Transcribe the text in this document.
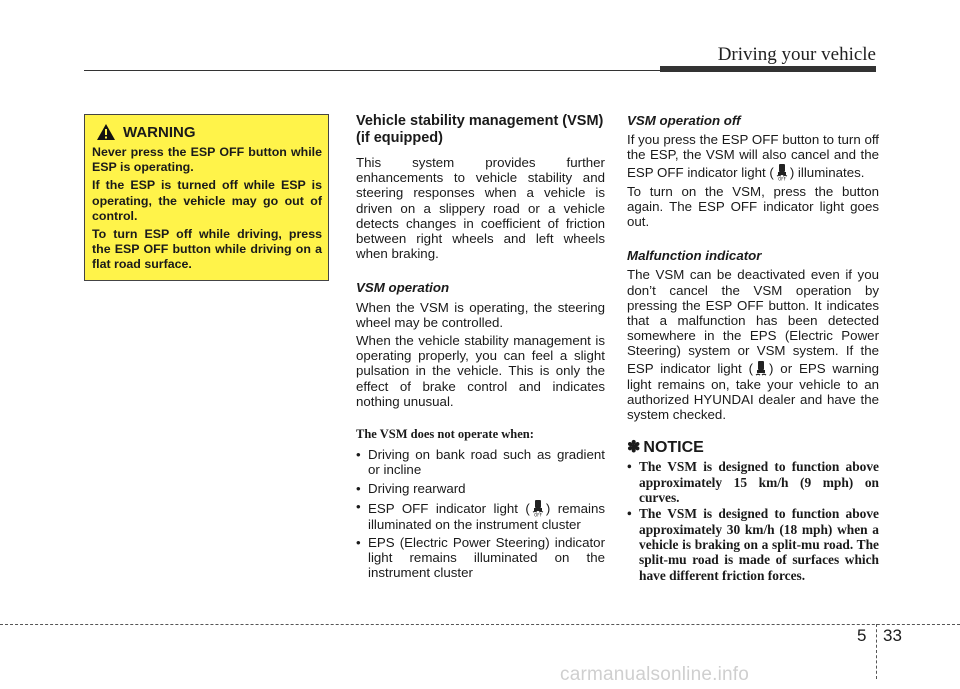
Driving your vehicle
WARNING

Never press the ESP OFF button while ESP is operating.

If the ESP is turned off while ESP is operating, the vehicle may go out of control.

To turn ESP off while driving, press the ESP OFF button while driving on a flat road surface.

Vehicle stability management (VSM) (if equipped)

This system provides further enhancements to vehicle stability and steering responses when a vehicle is driven on a slippery road or a vehicle detects changes in coefficient of friction between right wheels and left wheels when braking.

VSM operation

When the VSM is operating, the steering wheel may be controlled.

When the vehicle stability management is operating properly, you can feel a slight pulsation in the vehicle. This is only the effect of brake control and indicates nothing unusual.

The VSM does not operate when:
• Driving on bank road such as gradient or incline
• Driving rearward
• ESP OFF indicator light ( OFF ) remains illuminated on the instrument cluster
• EPS (Electric Power Steering) indicator light remains illuminated on the instrument cluster
VSM operation off

If you press the ESP OFF button to turn off the ESP, the VSM will also cancel and the ESP OFF indicator light ( OFF ) illuminates.

To turn on the VSM, press the button again. The ESP OFF indicator light goes out.

Malfunction indicator

The VSM can be deactivated even if you don’t cancel the VSM operation by pressing the ESP OFF button. It indicates that a malfunction has been detected somewhere in the EPS (Electric Power Steering) system or VSM system. If the ESP indicator light ( ) or EPS warning light remains on, take your vehicle to an authorized HYUNDAI dealer and have the system checked.

✽ NOTICE
• The VSM is designed to function above approximately 15 km/h (9 mph) on curves.
• The VSM is designed to function above approximately 30 km/h (18 mph) when a vehicle is braking on a split-mu road. The split-mu road is made of surfaces which have different friction forces.
5 33
carmanualsonline.info
